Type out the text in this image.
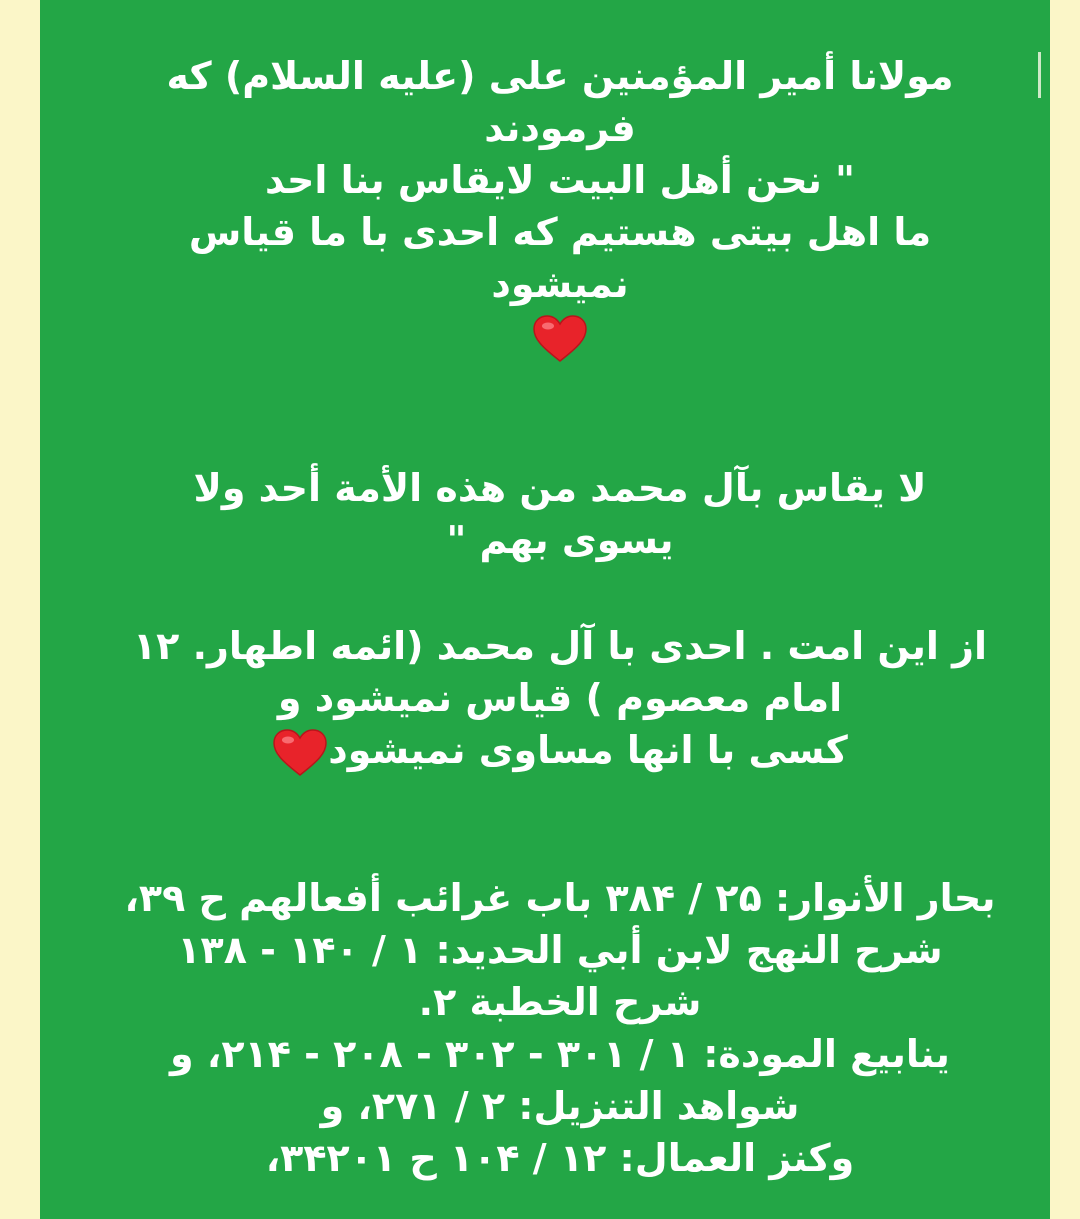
مولانا أمير المؤمنين علی (علیه السلام) که
فرمودند
" نحن أهل البيت لايقاس بنا احد
ما اهل بيتی هستيم که احدی با ما قیاس
نمیشود
لا يقاس بآل محمد من هذه الأمة أحد ولا
يسوى بهم "
از این امت . احدی با آل محمد (ائمه اطهار. ۱۲
امام معصوم ) قیاس نمیشود و
کسی با انها مساوی نمیشود
بحار الأنوار: ۲۵ / ۳۸۴ باب غرائب أفعالهم ح ۳۹،
شرح النهج لابن أبي الحديد: ۱ / ۱۴۰ - ۱۳۸
شرح الخطبة ۲.
ينابيع المودة: ۱ / ۳۰۱ - ۳۰۲ - ۲۰۸ - ۲۱۴، و
شواهد التنزيل: ۲ / ۲۷۱، و
وكنز العمال: ۱۲ / ۱۰۴ ح ۳۴۲۰۱،
